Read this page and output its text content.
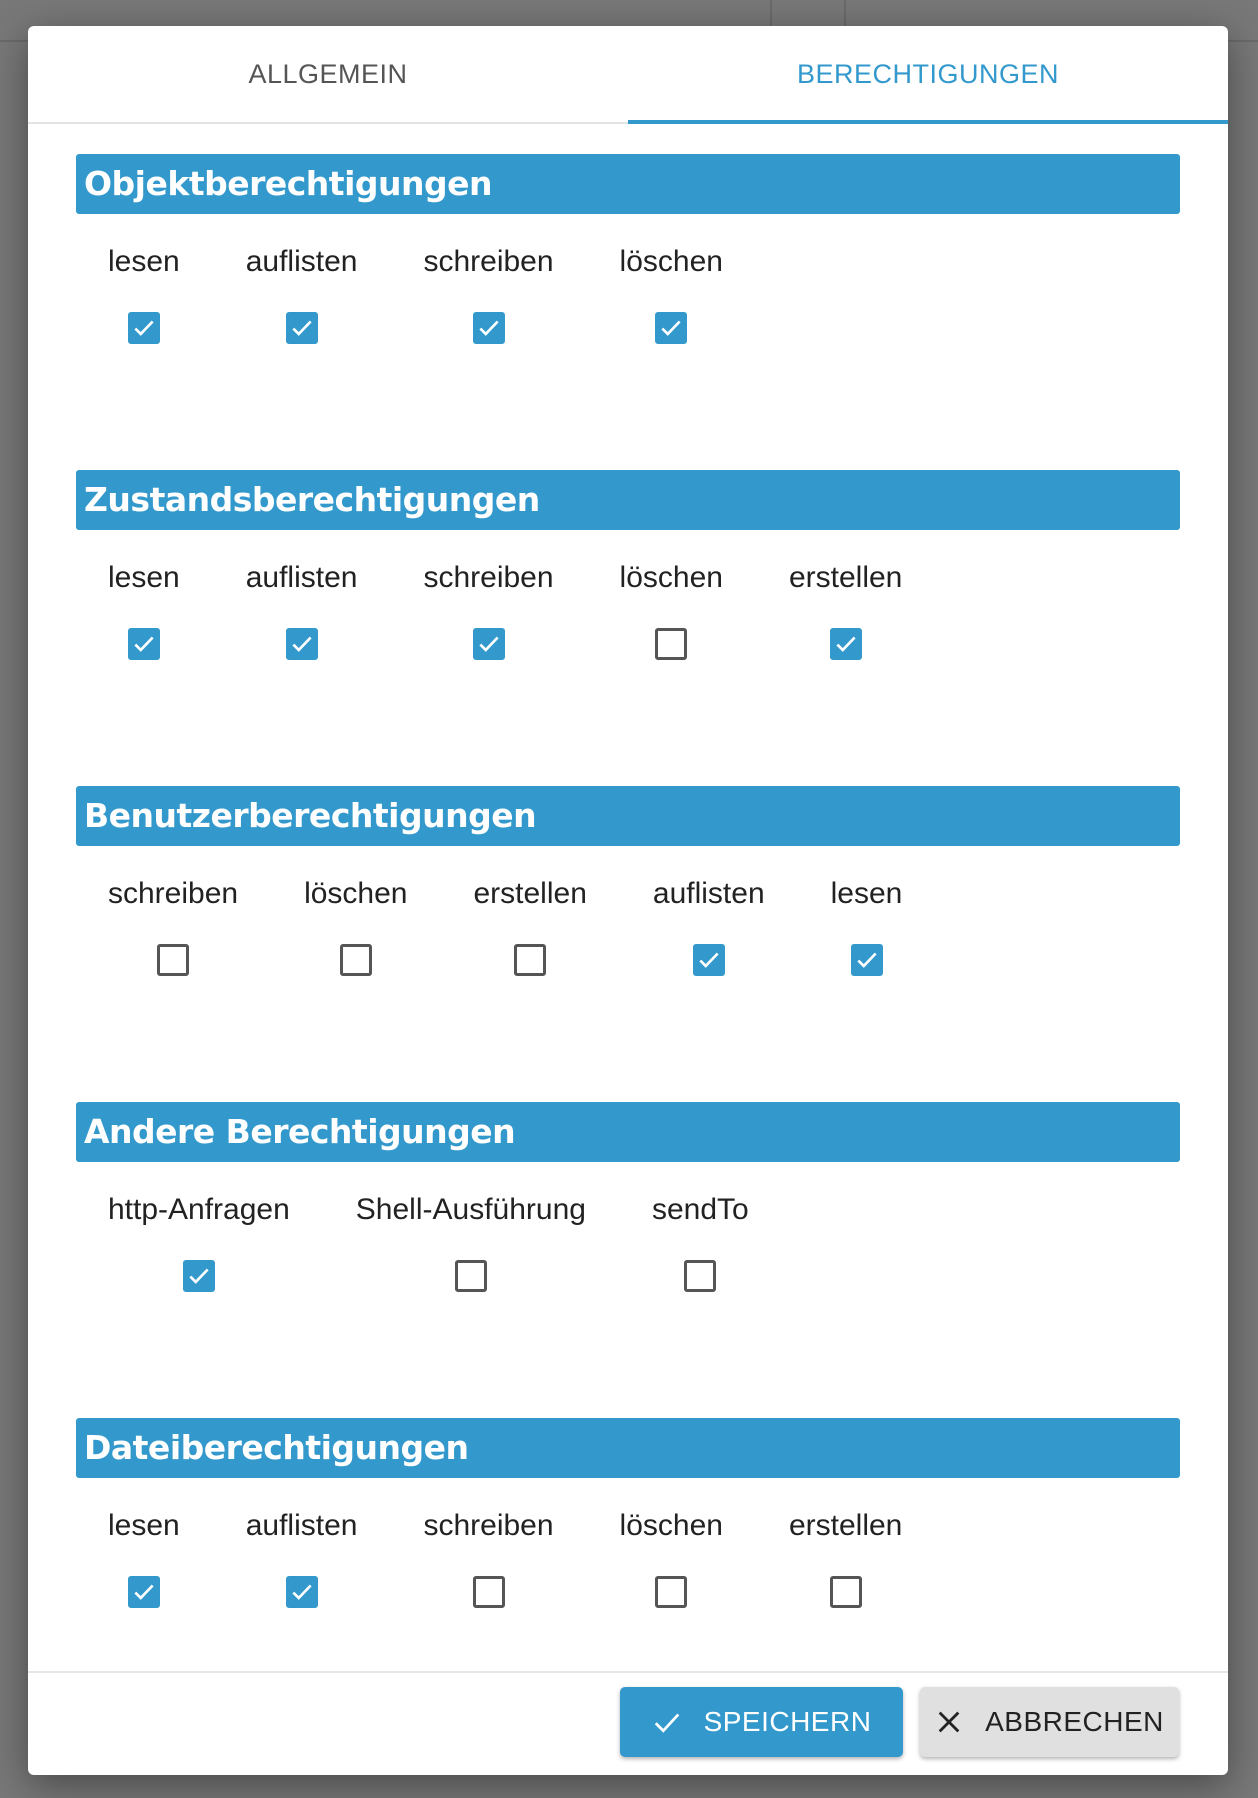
ALLGEMEIN	BERECHTIGUNGEN
Objektberechtigungen
lesen auflisten schreiben löschen
Zustandsberechtigungen
lesen auflisten schreiben löschen erstellen
Benutzerberechtigungen
schreiben löschen erstellen auflisten lesen
Andere Berechtigungen
http-Anfragen Shell-Ausführung sendTo
Dateiberechtigungen
lesen auflisten schreiben löschen erstellen
SPEICHERN	ABBRECHEN
